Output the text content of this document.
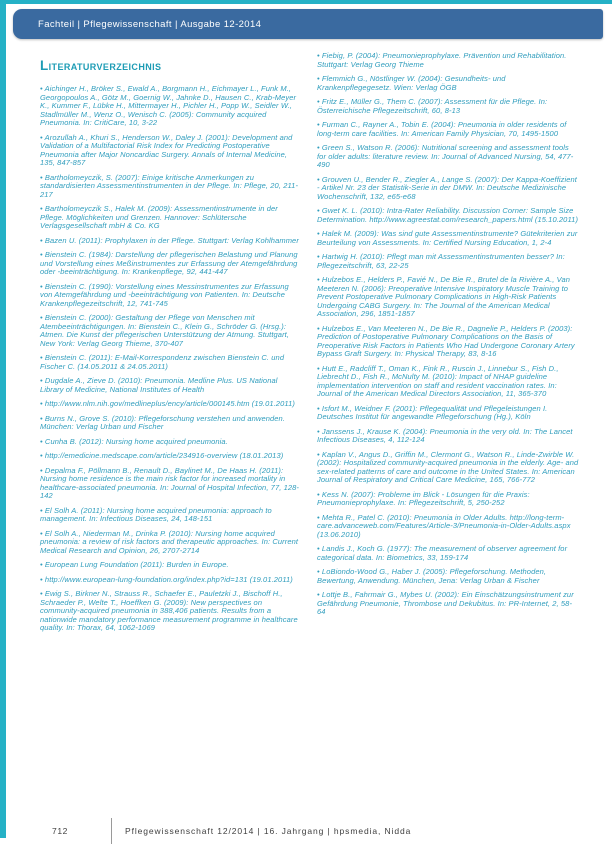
Fachteil | Pflegewissenschaft | Ausgabe 12-2014
Literaturverzeichnis

• Aichinger H., Bröker S., Ewald A., Borgmann H., Eichmayer L., Funk M., Georgopoulos A., Götz M., Goernig W., Jahnke D., Hausen C., Krab-Meyer K., Kummer F., Lübke H., Mittermayer H., Pichler H., Popp W., Seidler W., Stadlmüller M., Wenz O., Wenisch C. (2005): Community acquired Pneumonia. In: CritiCare, 10, 3-22

• Arozullah A., Khuri S., Henderson W., Daley J. (2001): Development and Validation of a Multifactorial Risk Index for Predicting Postoperative Pneumonia after Major Noncardiac Surgery. Annals of Internal Medicine, 135, 847-857

• Bartholomeyczik, S. (2007): Einige kritische Anmerkungen zu standardisierten Assessmentinstrumenten in der Pflege. In: Pflege, 20, 211-217

• Bartholomeyczik S., Halek M. (2009): Assessmentinstrumente in der Pflege. Möglichkeiten und Grenzen. Hannover: Schlütersche Verlagsgesellschaft mbH & Co. KG

• Bazen U. (2011): Prophylaxen in der Pflege. Stuttgart: Verlag Kohlhammer

• Bienstein C. (1984): Darstellung der pflegerischen Belastung und Planung und Vorstellung eines Meßinstrumentes zur Erfassung der Atemgefährdung oder -beeinträchtigung. In: Krankenpflege, 92, 441-447

• Bienstein C. (1990): Vorstellung eines Messinstrumentes zur Erfassung von Atemgefährdung und -beeinträchtigung von Patienten. In: Deutsche Krankenpflegezeitschrift, 12, 741-745

• Bienstein C. (2000): Gestaltung der Pflege von Menschen mit Atembeeinträchtigungen. In: Bienstein C., Klein G., Schröder G. (Hrsg.): Atmen. Die Kunst der pflegerischen Unterstützung der Atmung. Stuttgart, New York: Verlag Georg Thieme, 370-407

• Bienstein C. (2011): E-Mail-Korrespondenz zwischen Bienstein C. und Fischer C. (14.05.2011 & 24.05.2011)

• Dugdale A., Zieve D. (2010): Pneumonia. Medline Plus. US National Library of Medicine, National Institutes of Health

• http://www.nlm.nih.gov/medlineplus/ency/article/000145.htm (19.01.2011)

• Burns N., Grove S. (2010): Pflegeforschung verstehen und anwenden. München: Verlag Urban und Fischer

• Cunha B. (2012): Nursing home acquired pneumonia.

• http://emedicine.medscape.com/article/234916-overview (18.01.2013)

• Depalma F., Pöllmann B., Renault D., Baylinet M., De Haas H. (2011): Nursing home residence is the main risk factor for increased mortality in healthcare-associated pneumonia. In: Journal of Hospital Infection, 77, 128-142

• El Solh A. (2011): Nursing home acquired pneumonia: approach to management. In: Infectious Diseases, 24, 148-151

• El Solh A., Niederman M., Drinka P. (2010): Nursing home acquired pneumonia: a review of risk factors and therapeutic approaches. In: Current Medical Research and Opinion, 26, 2707-2714

• European Lung Foundation (2011): Burden in Europe.

• http://www.european-lung-foundation.org/index.php?id=131 (19.01.2011)

• Ewig S., Birkner N., Strauss R., Schaefer E., Pauletzki J., Bischoff H., Schraeder P., Welte T., Hoeffken G. (2009): New perspectives on community-acquired pneumonia in 388,406 patients. Results from a nationwide mandatory performance measurement programme in healthcare quality. In: Thorax, 64, 1062-1069

• Fiebig, P. (2004): Pneumonieprophylaxe. Prävention und Rehabilitation. Stuttgart: Verlag Georg Thieme

• Flemmich G., Nöstlinger W. (2004): Gesundheits- und Krankenpflegegesetz. Wien: Verlag ÖGB

• Fritz E., Müller G., Them C. (2007): Assessment für die Pflege. In: Österreichische Pflegezeitschrift, 60, 8-13

• Furman C., Rayner A., Tobin E. (2004): Pneumonia in older residents of long-term care facilities. In: American Family Physician, 70, 1495-1500

• Green S., Watson R. (2006): Nutritional screening and assessment tools for older adults: literature review. In: Journal of Advanced Nursing, 54, 477-490

• Grouven U., Bender R., Ziegler A., Lange S. (2007): Der Kappa-Koeffizient - Artikel Nr. 23 der Statistik-Serie in der DMW. In: Deutsche Medizinische Wochenschrift, 132, e65-e68

• Gwet K. L. (2010): Intra-Rater Reliability. Discussion Corner: Sample Size Determination. http://www.agreestat.com/research_papers.html (15.10.2011)

• Halek M. (2009): Was sind gute Assessmentinstrumente? Gütekriterien zur Beurteilung von Assessments. In: Certified Nursing Education, 1, 2-4

• Hartwig H. (2010): Pflegt man mit Assessmentinstrumenten besser? In: Pflegezeitschrift, 63, 22-25

• Hulzebos E., Helders P., Favié N., De Bie R., Brutel de la Rivière A., Van Meeteren N. (2006): Preoperative Intensive Inspiratory Muscle Training to Prevent Postoperative Pulmonary Complications in High-Risk Patients Undergoing CABG Surgery. In: The Journal of the American Medical Association, 296, 1851-1857

• Hulzebos E., Van Meeteren N., De Bie R., Dagnelie P., Helders P. (2003): Prediction of Postoperative Pulmonary Complications on the Basis of Preoperative Risk Factors in Patients Who Had Undergone Coronary Artery Bypass Graft Surgery. In: Physical Therapy, 83, 8-16

• Hutt E., Radcliff T., Oman K., Fink R., Ruscin J., Linnebur S., Fish D., Liebrecht D., Fish R., McNulty M. (2010): Impact of NHAP guideline implementation intervention on staff and resident vaccination rates. In: Journal of the American Medical Directors Association, 11, 365-370

• Isfort M., Weidner F. (2001): Pflegequalität und Pflegeleistungen I. Deutsches Institut für angewandte Pflegeforschung (Hg.), Köln

• Janssens J., Krause K. (2004): Pneumonia in the very old. In: The Lancet Infectious Diseases, 4, 112-124

• Kaplan V., Angus D., Griffin M., Clermont G., Watson R., Linde-Zwirble W. (2002): Hospitalized community-acquired pneumonia in the elderly. Age- and sex-related patterns of care and outcome in the United States. In: American Journal of Respiratory and Critical Care Medicine, 165, 766-772

• Kess N. (2007): Probleme im Blick - Lösungen für die Praxis: Pneumonieprophylaxe. In: Pflegezeitschrift, 5, 250-252

• Mehta R., Patel C. (2010): Pneumonia in Older Adults. http://long-term-care.advanceweb.com/Features/Article-3/Pneumonia-in-Older-Adults.aspx (13.06.2010)

• Landis J., Koch G. (1977): The measurement of observer agreement for categorical data. In: Biometrics, 33, 159-174

• LoBiondo-Wood G., Haber J. (2005): Pflegeforschung. Methoden, Bewertung, Anwendung. München, Jena: Verlag Urban & Fischer

• Lottje B., Fahrmair G., Mybes U. (2002): Ein Einschätzungsinstrument zur Gefährdung Pneumonie, Thrombose und Dekubitus. In: PR-Internet, 2, 58-64

712	Pflegewissenschaft 12/2014 | 16. Jahrgang | hpsmedia, Nidda
